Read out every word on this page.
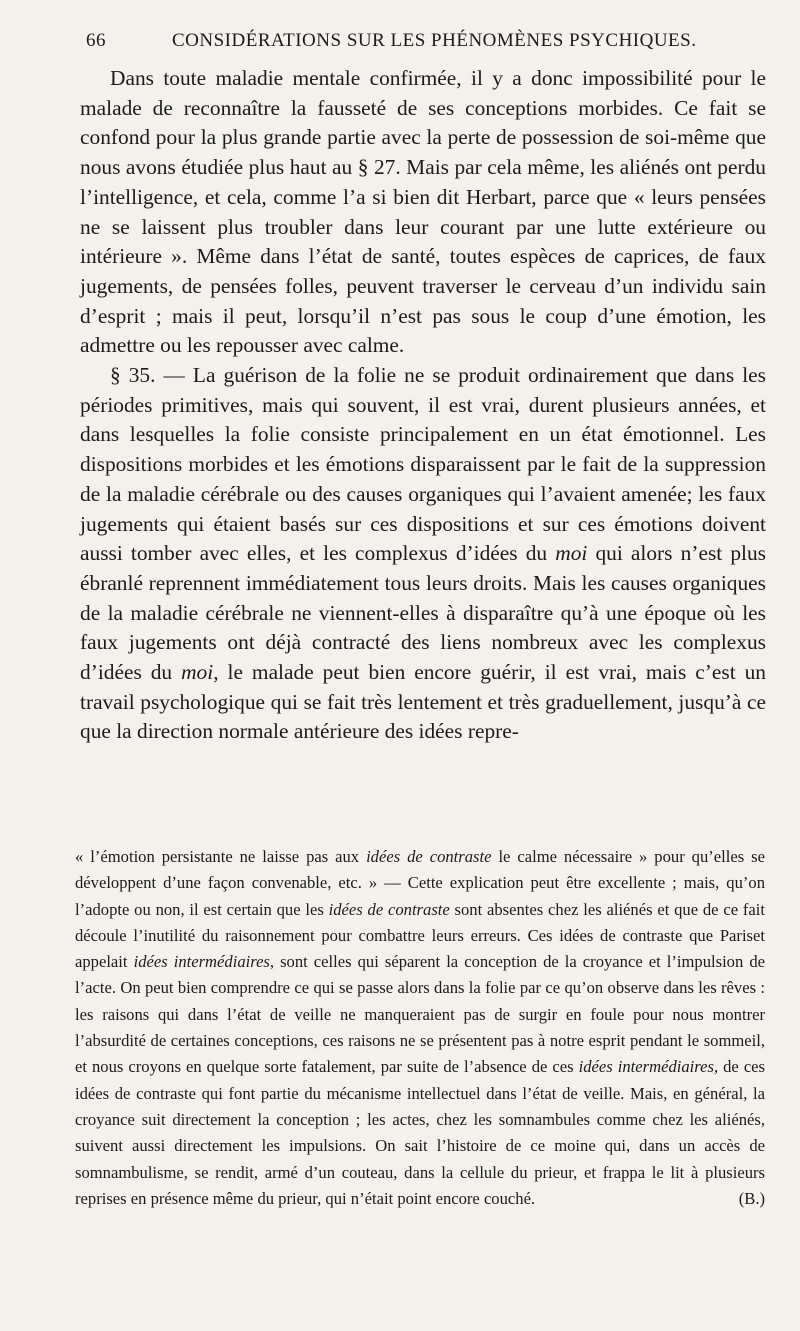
66	CONSIDÉRATIONS SUR LES PHÉNOMÈNES PSYCHIQUES.

Dans toute maladie mentale confirmée, il y a donc impossibilité pour le malade de reconnaître la fausseté de ses conceptions morbides. Ce fait se confond pour la plus grande partie avec la perte de possession de soi-même que nous avons étudiée plus haut au § 27. Mais par cela même, les aliénés ont perdu l’intelligence, et cela, comme l’a si bien dit Herbart, parce que « leurs pensées ne se laissent plus troubler dans leur courant par une lutte extérieure ou intérieure ». Même dans l’état de santé, toutes espèces de caprices, de faux jugements, de pensées folles, peuvent traverser le cerveau d’un individu sain d’esprit ; mais il peut, lorsqu’il n’est pas sous le coup d’une émotion, les admettre ou les repousser avec calme.

§ 35. — La guérison de la folie ne se produit ordinairement que dans les périodes primitives, mais qui souvent, il est vrai, durent plusieurs années, et dans lesquelles la folie consiste principalement en un état émotionnel. Les dispositions morbides et les émotions disparaissent par le fait de la suppression de la maladie cérébrale ou des causes organiques qui l’avaient amenée; les faux jugements qui étaient basés sur ces dispositions et sur ces émotions doivent aussi tomber avec elles, et les complexus d’idées du moi qui alors n’est plus ébranlé reprennent immédiatement tous leurs droits. Mais les causes organiques de la maladie cérébrale ne viennent-elles à disparaître qu’à une époque où les faux jugements ont déjà contracté des liens nombreux avec les complexus d’idées du moi, le malade peut bien encore guérir, il est vrai, mais c’est un travail psychologique qui se fait très lentement et très graduellement, jusqu’à ce que la direction normale antérieure des idées repre-

« l’émotion persistante ne laisse pas aux idées de contraste le calme nécessaire » pour qu’elles se développent d’une façon convenable, etc. » — Cette explication peut être excellente ; mais, qu’on l’adopte ou non, il est certain que les idées de contraste sont absentes chez les aliénés et que de ce fait découle l’inutilité du raisonnement pour combattre leurs erreurs. Ces idées de contraste que Pariset appelait idées intermédiaires, sont celles qui séparent la conception de la croyance et l’impulsion de l’acte. On peut bien comprendre ce qui se passe alors dans la folie par ce qu’on observe dans les rêves : les raisons qui dans l’état de veille ne manqueraient pas de surgir en foule pour nous montrer l’absurdité de certaines conceptions, ces raisons ne se présentent pas à notre esprit pendant le sommeil, et nous croyons en quelque sorte fatalement, par suite de l’absence de ces idées intermédiaires, de ces idées de contraste qui font partie du mécanisme intellectuel dans l’état de veille. Mais, en général, la croyance suit directement la conception ; les actes, chez les somnambules comme chez les aliénés, suivent aussi directement les impulsions. On sait l’histoire de ce moine qui, dans un accès de somnambulisme, se rendit, armé d’un couteau, dans la cellule du prieur, et frappa le lit à plusieurs reprises en présence même du prieur, qui n’était point encore couché.	(B.)
